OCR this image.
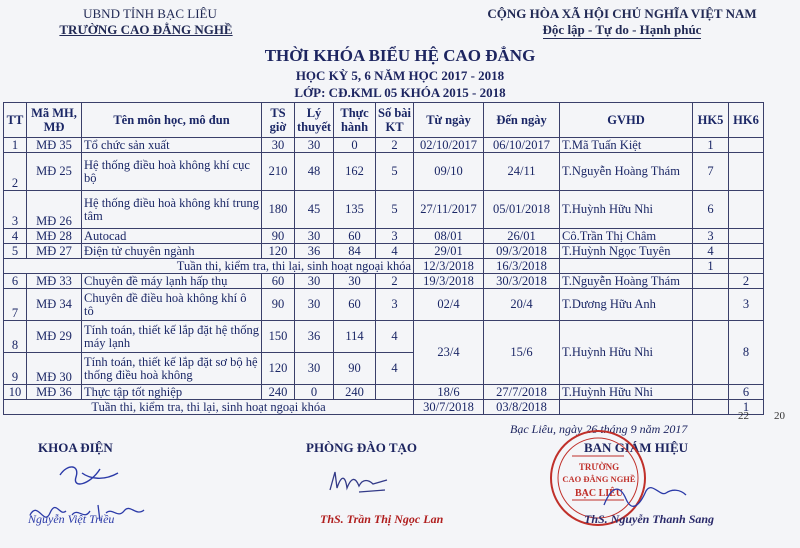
UBND TỈNH BẠC LIÊU
TRƯỜNG CAO ĐẲNG NGHỀ
CỘNG HÒA XÃ HỘI CHỦ NGHĨA VIỆT NAM
Độc lập - Tự do - Hạnh phúc
THỜI KHÓA BIỂU HỆ CAO ĐẲNG
HỌC KỲ 5, 6 NĂM HỌC 2017 - 2018
LỚP: CĐ.KML 05 KHÓA 2015 - 2018
TT	Mã MH, MĐ	Tên môn học, mô đun	TS giờ	Lý thuyết	Thực hành	Số bài KT	Từ ngày	Đến ngày	GVHD	HK5	HK6
1	MĐ 35	Tổ chức sản xuất	30	30	0	2	02/10/2017	06/10/2017	T.Mã Tuấn Kiệt	1	
2	MĐ 25	Hệ thống điều hoà không khí cục bộ	210	48	162	5	09/10	24/11	T.Nguyễn Hoàng Thám	7	
3	MĐ 26	Hệ thống điều hoà không khí trung tâm	180	45	135	5	27/11/2017	05/01/2018	T.Huỳnh Hữu Nhi	6	
4	MĐ 28	Autocad	90	30	60	3	08/01	26/01	Cô.Trần Thị Châm	3	
5	MĐ 27	Điện tử chuyên ngành	120	36	84	4	29/01	09/3/2018	T.Huỳnh Ngọc Tuyên	4	
Tuần thi, kiểm tra, thi lại, sinh hoạt ngoại khóa							12/3/2018	16/3/2018		1	
6	MĐ 33	Chuyên đề máy lạnh hấp thụ	60	30	30	2	19/3/2018	30/3/2018	T.Nguyễn Hoàng Thám		2
7	MĐ 34	Chuyên đề điều hoà không khí ô tô	90	30	60	3	02/4	20/4	T.Dương Hữu Anh		3
8	MĐ 29	Tính toán, thiết kế lắp đặt hệ thống máy lạnh	150	36	114	4	23/4	15/6	T.Huỳnh Hữu Nhi		8
9	MĐ 30	Tính toán, thiết kế lắp đặt sơ bộ hệ thống điều hoà không	120	30	90	4					
10	MĐ 36	Thực tập tốt nghiệp	240	0	240		18/6	27/7/2018	T.Huỳnh Hữu Nhi		6
Tuần thi, kiểm tra, thi lại, sinh hoạt ngoại khóa							30/7/2018	03/8/2018			1
22 20
Bạc Liêu, ngày 26 tháng 9 năm 2017
KHOA ĐIỆN	PHÒNG ĐÀO TẠO	BAN GIÁM HIỆU
Nguyễn Việt Triều	ThS. Trần Thị Ngọc Lan
TRƯỜNG
CAO ĐẲNG NGHỀ
BẠC LIÊU
ThS. Nguyễn Thanh Sang
